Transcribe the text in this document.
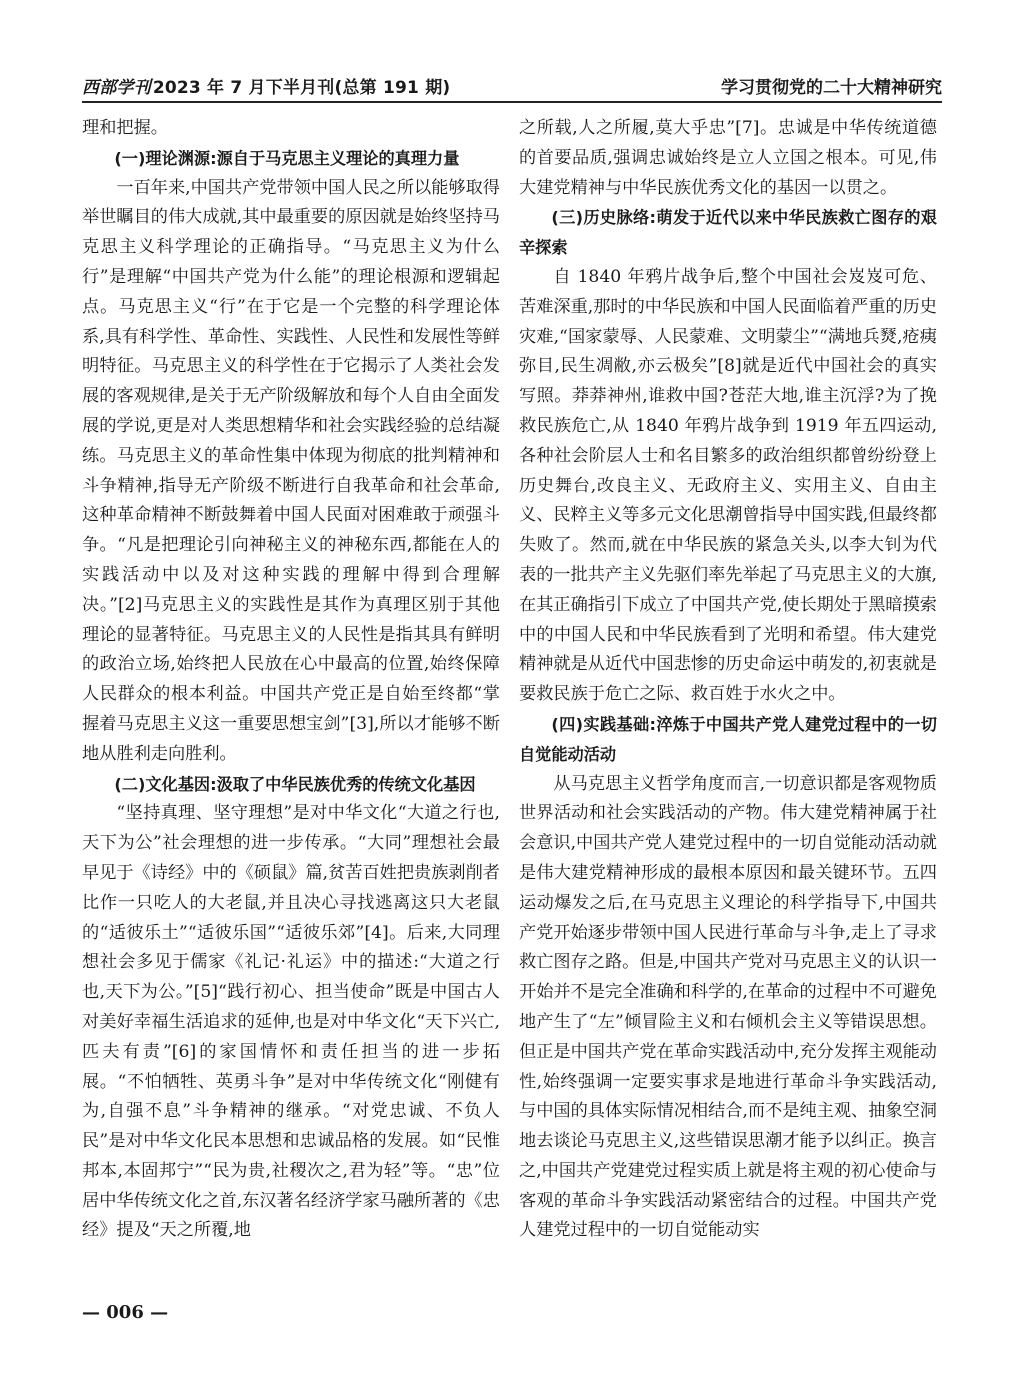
西部学刊 2023 年 7 月下半月刊(总第 191 期)	学习贯彻党的二十大精神研究

理和把握。

(一)理论渊源:源自于马克思主义理论的真理力量

一百年来,中国共产党带领中国人民之所以能够取得举世瞩目的伟大成就,其中最重要的原因就是始终坚持马克思主义科学理论的正确指导。“马克思主义为什么行”是理解“中国共产党为什么能”的理论根源和逻辑起点。马克思主义“行”在于它是一个完整的科学理论体系,具有科学性、革命性、实践性、人民性和发展性等鲜明特征。马克思主义的科学性在于它揭示了人类社会发展的客观规律,是关于无产阶级解放和每个人自由全面发展的学说,更是对人类思想精华和社会实践经验的总结凝练。马克思主义的革命性集中体现为彻底的批判精神和斗争精神,指导无产阶级不断进行自我革命和社会革命,这种革命精神不断鼓舞着中国人民面对困难敢于顽强斗争。“凡是把理论引向神秘主义的神秘东西,都能在人的实践活动中以及对这种实践的理解中得到合理解决。”[2]马克思主义的实践性是其作为真理区别于其他理论的显著特征。马克思主义的人民性是指其具有鲜明的政治立场,始终把人民放在心中最高的位置,始终保障人民群众的根本利益。中国共产党正是自始至终都“掌握着马克思主义这一重要思想宝剑”[3],所以才能够不断地从胜利走向胜利。

(二)文化基因:汲取了中华民族优秀的传统文化基因

“坚持真理、坚守理想”是对中华文化“大道之行也,天下为公”社会理想的进一步传承。“大同”理想社会最早见于《诗经》中的《硕鼠》篇,贫苦百姓把贵族剥削者比作一只吃人的大老鼠,并且决心寻找逃离这只大老鼠的“适彼乐土”“适彼乐国”“适彼乐郊”[4]。后来,大同理想社会多见于儒家《礼记·礼运》中的描述:“大道之行也,天下为公。”[5]“践行初心、担当使命”既是中国古人对美好幸福生活追求的延伸,也是对中华文化“天下兴亡,匹夫有责”[6]的家国情怀和责任担当的进一步拓展。“不怕牺牲、英勇斗争”是对中华传统文化“刚健有为,自强不息”斗争精神的继承。“对党忠诚、不负人民”是对中华文化民本思想和忠诚品格的发展。如“民惟邦本,本固邦宁”“民为贵,社稷次之,君为轻”等。“忠”位居中华传统文化之首,东汉著名经济学家马融所著的《忠经》提及“天之所覆,地

之所载,人之所履,莫大乎忠”[7]。忠诚是中华传统道德的首要品质,强调忠诚始终是立人立国之根本。可见,伟大建党精神与中华民族优秀文化的基因一以贯之。

(三)历史脉络:萌发于近代以来中华民族救亡图存的艰辛探索

自 1840 年鸦片战争后,整个中国社会岌岌可危、苦难深重,那时的中华民族和中国人民面临着严重的历史灾难,“国家蒙辱、人民蒙难、文明蒙尘”“满地兵燹,疮痍弥目,民生凋敝,亦云极矣”[8]就是近代中国社会的真实写照。莽莽神州,谁救中国?苍茫大地,谁主沉浮?为了挽救民族危亡,从 1840 年鸦片战争到 1919 年五四运动,各种社会阶层人士和名目繁多的政治组织都曾纷纷登上历史舞台,改良主义、无政府主义、实用主义、自由主义、民粹主义等多元文化思潮曾指导中国实践,但最终都失败了。然而,就在中华民族的紧急关头,以李大钊为代表的一批共产主义先驱们率先举起了马克思主义的大旗,在其正确指引下成立了中国共产党,使长期处于黑暗摸索中的中国人民和中华民族看到了光明和希望。伟大建党精神就是从近代中国悲惨的历史命运中萌发的,初衷就是要救民族于危亡之际、救百姓于水火之中。

(四)实践基础:淬炼于中国共产党人建党过程中的一切自觉能动活动

从马克思主义哲学角度而言,一切意识都是客观物质世界活动和社会实践活动的产物。伟大建党精神属于社会意识,中国共产党人建党过程中的一切自觉能动活动就是伟大建党精神形成的最根本原因和最关键环节。五四运动爆发之后,在马克思主义理论的科学指导下,中国共产党开始逐步带领中国人民进行革命与斗争,走上了寻求救亡图存之路。但是,中国共产党对马克思主义的认识一开始并不是完全准确和科学的,在革命的过程中不可避免地产生了“左”倾冒险主义和右倾机会主义等错误思想。但正是中国共产党在革命实践活动中,充分发挥主观能动性,始终强调一定要实事求是地进行革命斗争实践活动,与中国的具体实际情况相结合,而不是纯主观、抽象空洞地去谈论马克思主义,这些错误思潮才能予以纠正。换言之,中国共产党建党过程实质上就是将主观的初心使命与客观的革命斗争实践活动紧密结合的过程。中国共产党人建党过程中的一切自觉能动实

— 006 —
